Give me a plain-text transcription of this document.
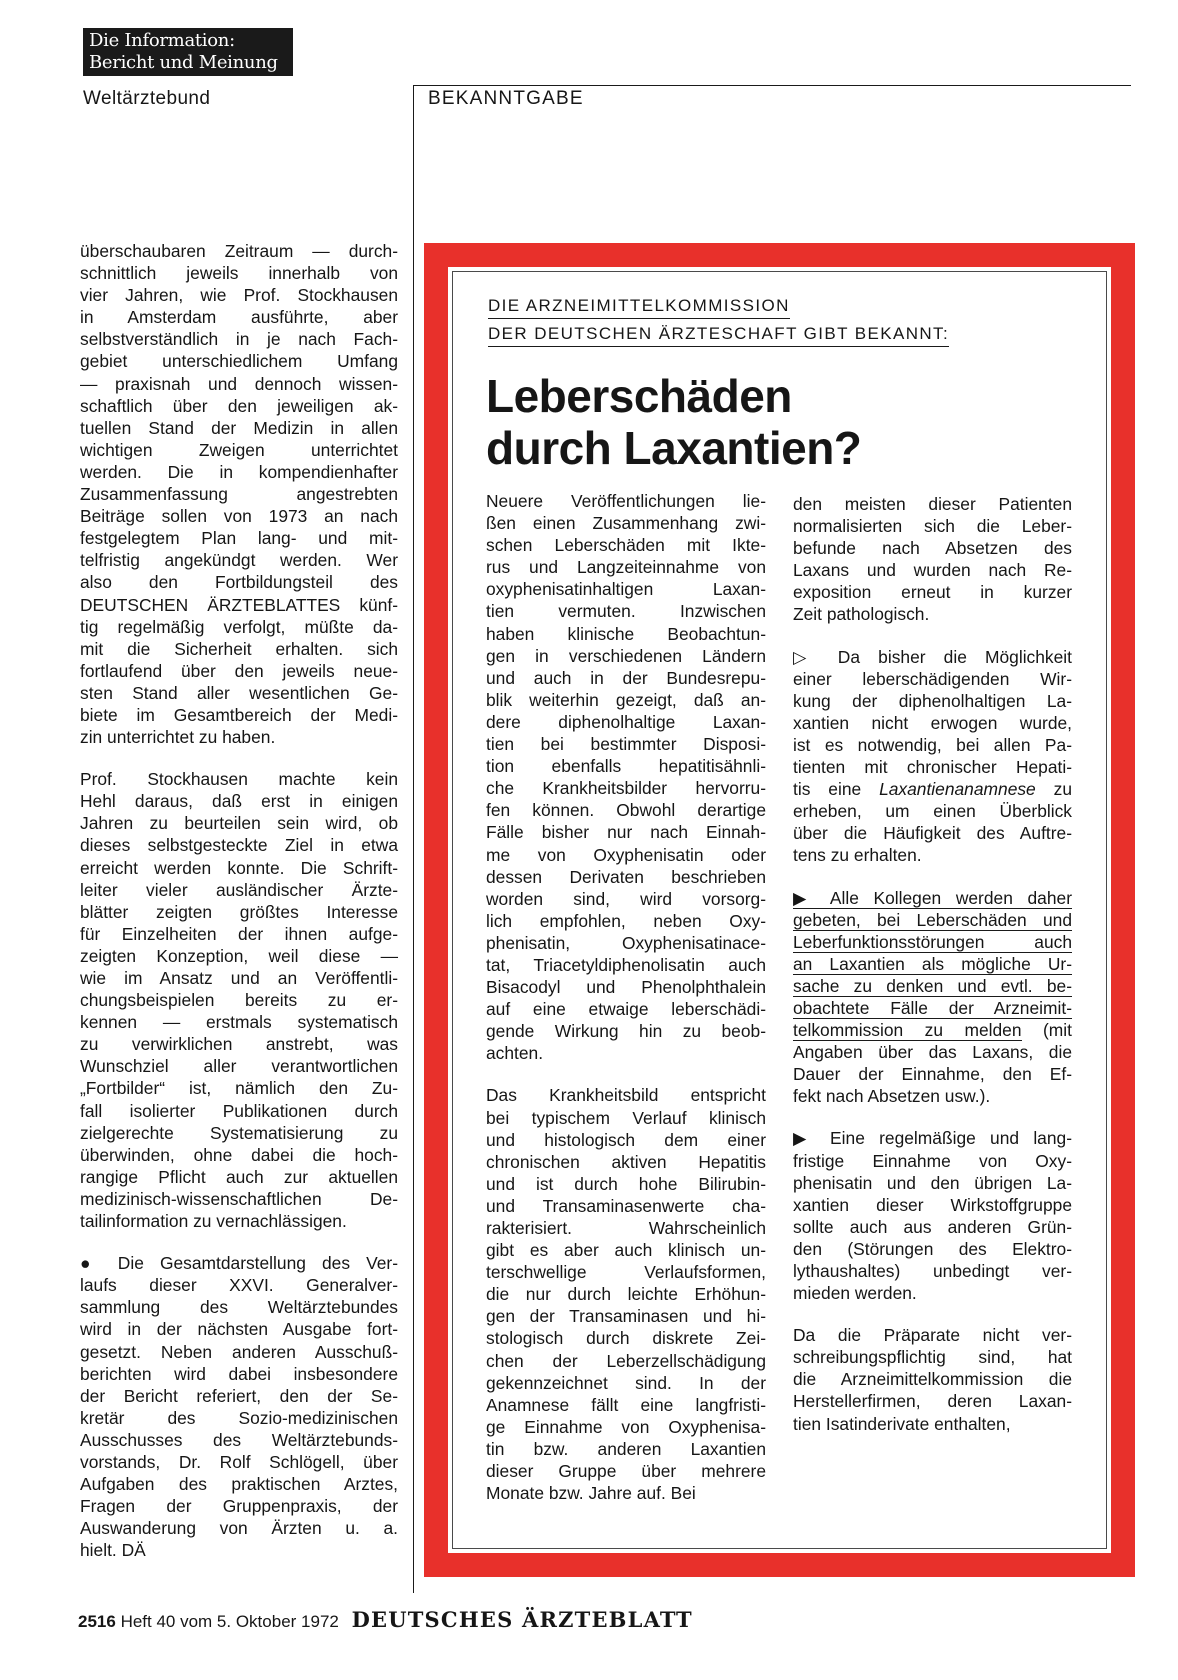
Die Information:
Bericht und Meinung
Weltärztebund	BEKANNTGABE
überschaubaren Zeitraum — durch-
schnittlich jeweils innerhalb von
vier Jahren, wie Prof. Stockhausen
in Amsterdam ausführte, aber
selbstverständlich in je nach Fach-
gebiet unterschiedlichem Umfang
— praxisnah und dennoch wissen-
schaftlich über den jeweiligen ak-
tuellen Stand der Medizin in allen
wichtigen Zweigen unterrichtet
werden. Die in kompendienhafter
Zusammenfassung angestrebten
Beiträge sollen von 1973 an nach
festgelegtem Plan lang- und mit-
telfristig angekündgt werden. Wer
also den Fortbildungsteil des
DEUTSCHEN ÄRZTEBLATTES künf-
tig regelmäßig verfolgt, müßte da-
mit die Sicherheit erhalten. sich
fortlaufend über den jeweils neue-
sten Stand aller wesentlichen Ge-
biete im Gesamtbereich der Medi-
zin unterrichtet zu haben.
Prof. Stockhausen machte kein
Hehl daraus, daß erst in einigen
Jahren zu beurteilen sein wird, ob
dieses selbstgesteckte Ziel in etwa
erreicht werden konnte. Die Schrift-
leiter vieler ausländischer Ärzte-
blätter zeigten größtes Interesse
für Einzelheiten der ihnen aufge-
zeigten Konzeption, weil diese —
wie im Ansatz und an Veröffentli-
chungsbeispielen bereits zu er-
kennen — erstmals systematisch
zu verwirklichen anstrebt, was
Wunschziel aller verantwortlichen
„Fortbilder“ ist, nämlich den Zu-
fall isolierter Publikationen durch
zielgerechte Systematisierung zu
überwinden, ohne dabei die hoch-
rangige Pflicht auch zur aktuellen
medizinisch-wissenschaftlichen De-
tailinformation zu vernachlässigen.
● Die Gesamtdarstellung des Ver-
laufs dieser XXVI. Generalver-
sammlung des Weltärztebundes
wird in der nächsten Ausgabe fort-
gesetzt. Neben anderen Ausschuß-
berichten wird dabei insbesondere
der Bericht referiert, den der Se-
kretär des Sozio-medizinischen
Ausschusses des Weltärztebunds-
vorstands, Dr. Rolf Schlögell, über
Aufgaben des praktischen Arztes,
Fragen der Gruppenpraxis, der
Auswanderung von Ärzten u. a.
hielt. DÄ
DIE ARZNEIMITTELKOMMISSION
DER DEUTSCHEN ÄRZTESCHAFT GIBT BEKANNT:
Leberschäden
durch Laxantien?
Neuere Veröffentlichungen lie-
ßen einen Zusammenhang zwi-
schen Leberschäden mit Ikte-
rus und Langzeiteinnahme von
oxyphenisatinhaltigen Laxan-
tien vermuten. Inzwischen
haben klinische Beobachtun-
gen in verschiedenen Ländern
und auch in der Bundesrepu-
blik weiterhin gezeigt, daß an-
dere diphenolhaltige Laxan-
tien bei bestimmter Disposi-
tion ebenfalls hepatitisähnli-
che Krankheitsbilder hervorru-
fen können. Obwohl derartige
Fälle bisher nur nach Einnah-
me von Oxyphenisatin oder
dessen Derivaten beschrieben
worden sind, wird vorsorg-
lich empfohlen, neben Oxy-
phenisatin, Oxyphenisatinace-
tat, Triacetyldiphenolisatin auch
Bisacodyl und Phenolphthalein
auf eine etwaige leberschädi-
gende Wirkung hin zu beob-
achten.
Das Krankheitsbild entspricht
bei typischem Verlauf klinisch
und histologisch dem einer
chronischen aktiven Hepatitis
und ist durch hohe Bilirubin-
und Transaminasenwerte cha-
rakterisiert. Wahrscheinlich
gibt es aber auch klinisch un-
terschwellige Verlaufsformen,
die nur durch leichte Erhöhun-
gen der Transaminasen und hi-
stologisch durch diskrete Zei-
chen der Leberzellschädigung
gekennzeichnet sind. In der
Anamnese fällt eine langfristi-
ge Einnahme von Oxyphenisa-
tin bzw. anderen Laxantien
dieser Gruppe über mehrere
Monate bzw. Jahre auf. Bei
den meisten dieser Patienten
normalisierten sich die Leber-
befunde nach Absetzen des
Laxans und wurden nach Re-
exposition erneut in kurzer
Zeit pathologisch.
▷ Da bisher die Möglichkeit
einer leberschädigenden Wir-
kung der diphenolhaltigen La-
xantien nicht erwogen wurde,
ist es notwendig, bei allen Pa-
tienten mit chronischer Hepati-
tis eine Laxantienanamnese zu
erheben, um einen Überblick
über die Häufigkeit des Auftre-
tens zu erhalten.
▶ Alle Kollegen werden daher
gebeten, bei Leberschäden und
Leberfunktionsstörungen auch
an Laxantien als mögliche Ur-
sache zu denken und evtl. be-
obachtete Fälle der Arzneimit-
telkommission zu melden (mit
Angaben über das Laxans, die
Dauer der Einnahme, den Ef-
fekt nach Absetzen usw.).
▶ Eine regelmäßige und lang-
fristige Einnahme von Oxy-
phenisatin und den übrigen La-
xantien dieser Wirkstoffgruppe
sollte auch aus anderen Grün-
den (Störungen des Elektro-
lythaushaltes) unbedingt ver-
mieden werden.
Da die Präparate nicht ver-
schreibungspflichtig sind, hat
die Arzneimittelkommission die
Herstellerfirmen, deren Laxan-
tien Isatinderivate enthalten,
2516 Heft 40 vom 5. Oktober 1972 DEUTSCHES ÄRZTEBLATT
